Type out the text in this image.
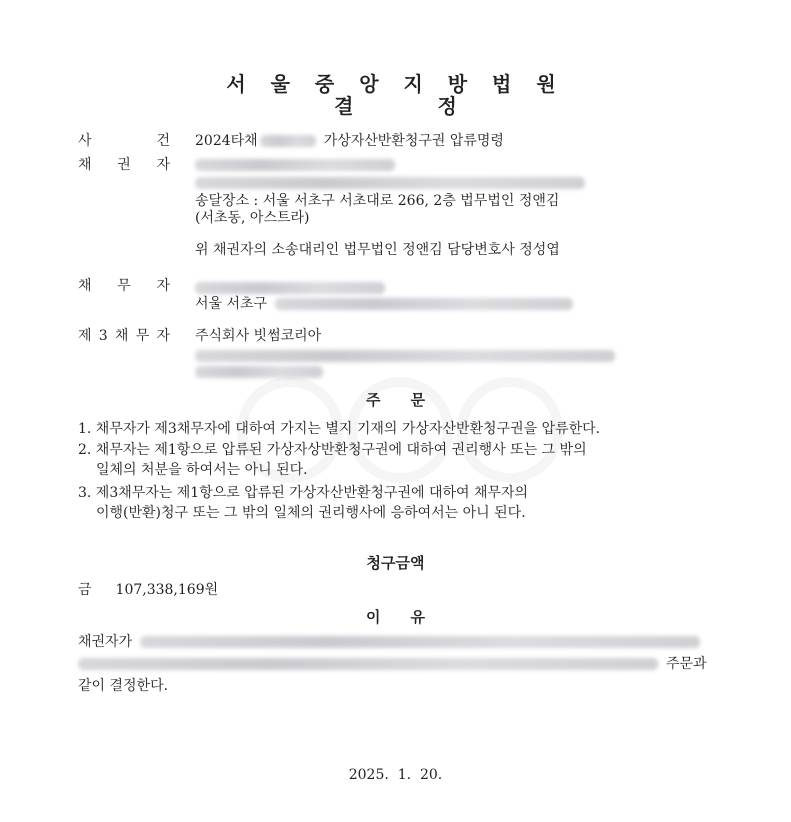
서 울 중 앙 지 방 법 원
결	정
사	건 2024타채	가상자산반환청구권 압류명령
채 권 자
송달장소 : 서울 서초구 서초대로 266, 2층 법무법인 정앤김
(서초동, 아스트라)
위 채권자의 소송대리인 법무법인 정앤김 담당변호사 정성엽
채 무 자
서울 서초구
제 3 채 무 자 주식회사 빗썸코리아
주 문
1. 채무자가 제3채무자에 대하여 가지는 별지 기재의 가상자산반환청구권을 압류한다.
2. 채무자는 제1항으로 압류된 가상자상반환청구권에 대하여 권리행사 또는 그 밖의
일체의 처분을 하여서는 아니 된다.
3. 제3채무자는 제1항으로 압류된 가상자산반환청구권에 대하여 채무자의
이행(반환)청구 또는 그 밖의 일체의 권리행사에 응하여서는 아니 된다.
청구금액
금 107,338,169원
이 유
채권자가
주문과
같이 결정한다.
2025.  1.  20.
